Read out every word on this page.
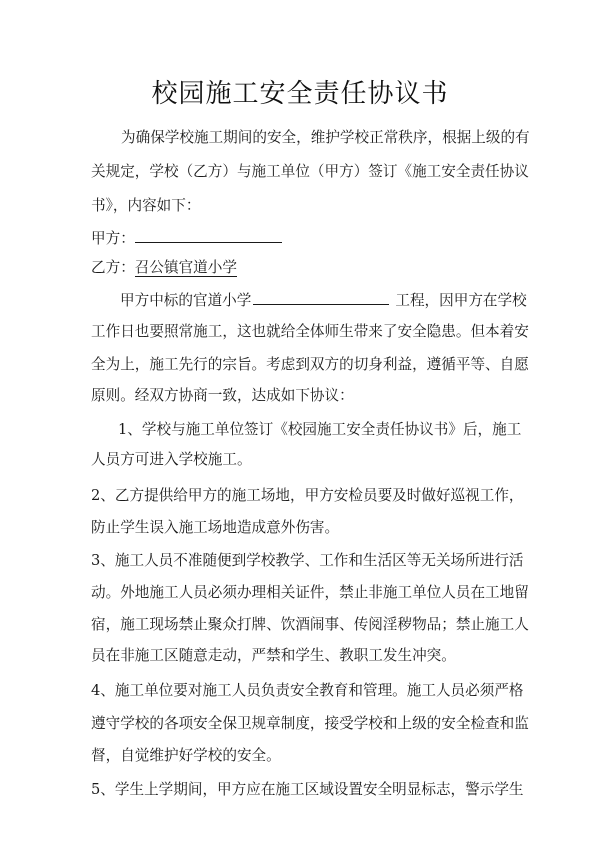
校园施工安全责任协议书
为确保学校施工期间的安全，维护学校正常秩序，根据上级的有
关规定，学校（乙方）与施工单位（甲方）签订《施工安全责任协议
书》，内容如下：
甲方：
乙方：召公镇官道小学
甲方中标的官道小学	工程，因甲方在学校
工作日也要照常施工，这也就给全体师生带来了安全隐患。但本着安
全为上，施工先行的宗旨。考虑到双方的切身利益，遵循平等、自愿
原则。经双方协商一致，达成如下协议：
1、学校与施工单位签订《校园施工安全责任协议书》后，施工
人员方可进入学校施工。
2、乙方提供给甲方的施工场地，甲方安检员要及时做好巡视工作，
防止学生误入施工场地造成意外伤害。
3、施工人员不准随便到学校教学、工作和生活区等无关场所进行活
动。外地施工人员必须办理相关证件，禁止非施工单位人员在工地留
宿，施工现场禁止聚众打牌、饮酒闹事、传阅淫秽物品；禁止施工人
员在非施工区随意走动，严禁和学生、教职工发生冲突。
4、施工单位要对施工人员负责安全教育和管理。施工人员必须严格
遵守学校的各项安全保卫规章制度，接受学校和上级的安全检查和监
督，自觉维护好学校的安全。
5、学生上学期间，甲方应在施工区域设置安全明显标志，警示学生
